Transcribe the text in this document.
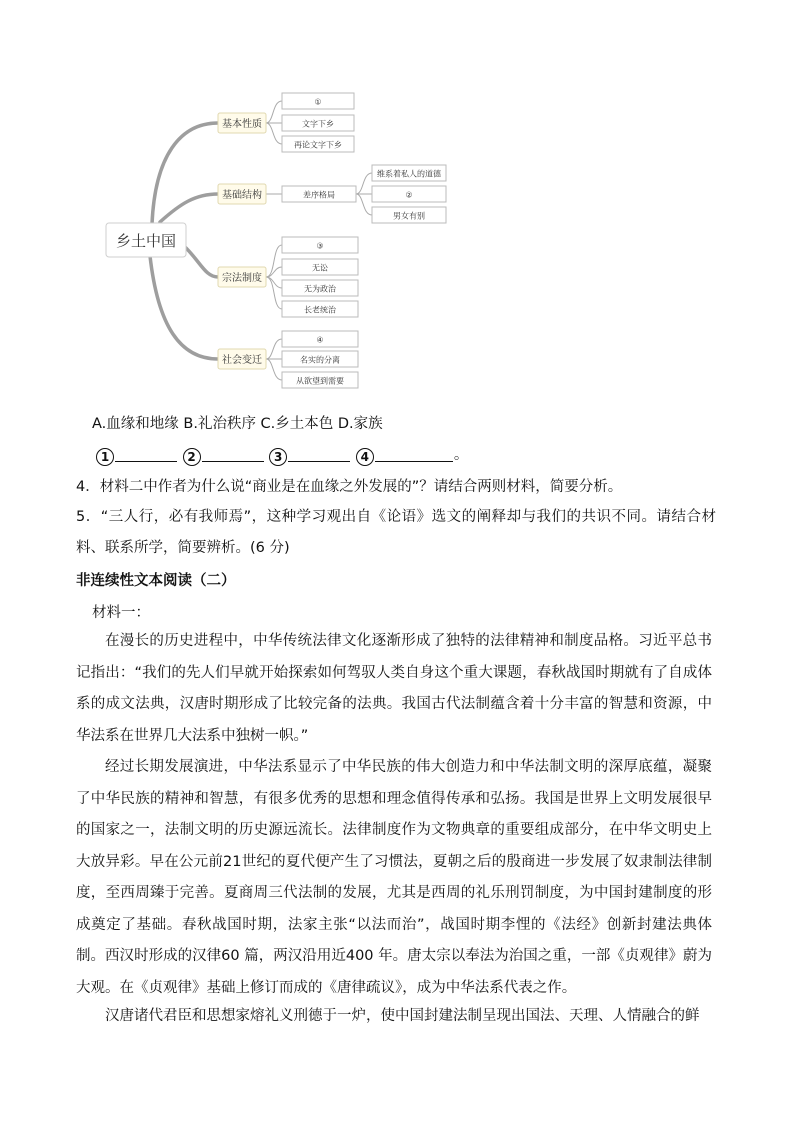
乡土中国
基本性质
基础结构
宗法制度
社会变迁
①
文字下乡
再论文字下乡
差序格局
维系着私人的道德
②
男女有别
③
无讼
无为政治
长老统治
④
名实的分离
从欲望到需要
A.血缘和地缘 B.礼治秩序 C.乡土本色 D.家族
1	2	3	4	。
4．材料二中作者为什么说“商业是在血缘之外发展的”？请结合两则材料，简要分析。
5．“三人行，必有我师焉”，这种学习观出自《论语》选文的阐释却与我们的共识不同。请结合材料、联系所学，简要辨析。(6 分)
非连续性文本阅读（二）
材料一：
在漫长的历史进程中，中华传统法律文化逐渐形成了独特的法律精神和制度品格。习近平总书记指出：“我们的先人们早就开始探索如何驾驭人类自身这个重大课题，春秋战国时期就有了自成体系的成文法典，汉唐时期形成了比较完备的法典。我国古代法制蕴含着十分丰富的智慧和资源，中华法系在世界几大法系中独树一帜。”
经过长期发展演进，中华法系显示了中华民族的伟大创造力和中华法制文明的深厚底蕴，凝聚了中华民族的精神和智慧，有很多优秀的思想和理念值得传承和弘扬。我国是世界上文明发展很早的国家之一，法制文明的历史源远流长。法律制度作为文物典章的重要组成部分，在中华文明史上大放异彩。早在公元前21世纪的夏代便产生了习惯法，夏朝之后的殷商进一步发展了奴隶制法律制度，至西周臻于完善。夏商周三代法制的发展，尤其是西周的礼乐刑罚制度，为中国封建制度的形成奠定了基础。春秋战国时期，法家主张“以法而治”，战国时期李悝的《法经》创新封建法典体制。西汉时形成的汉律60 篇，两汉沿用近400 年。唐太宗以奉法为治国之重，一部《贞观律》蔚为大观。在《贞观律》基础上修订而成的《唐律疏议》，成为中华法系代表之作。
汉唐诸代君臣和思想家熔礼义刑德于一炉，使中国封建法制呈现出国法、天理、人情融合的鲜
